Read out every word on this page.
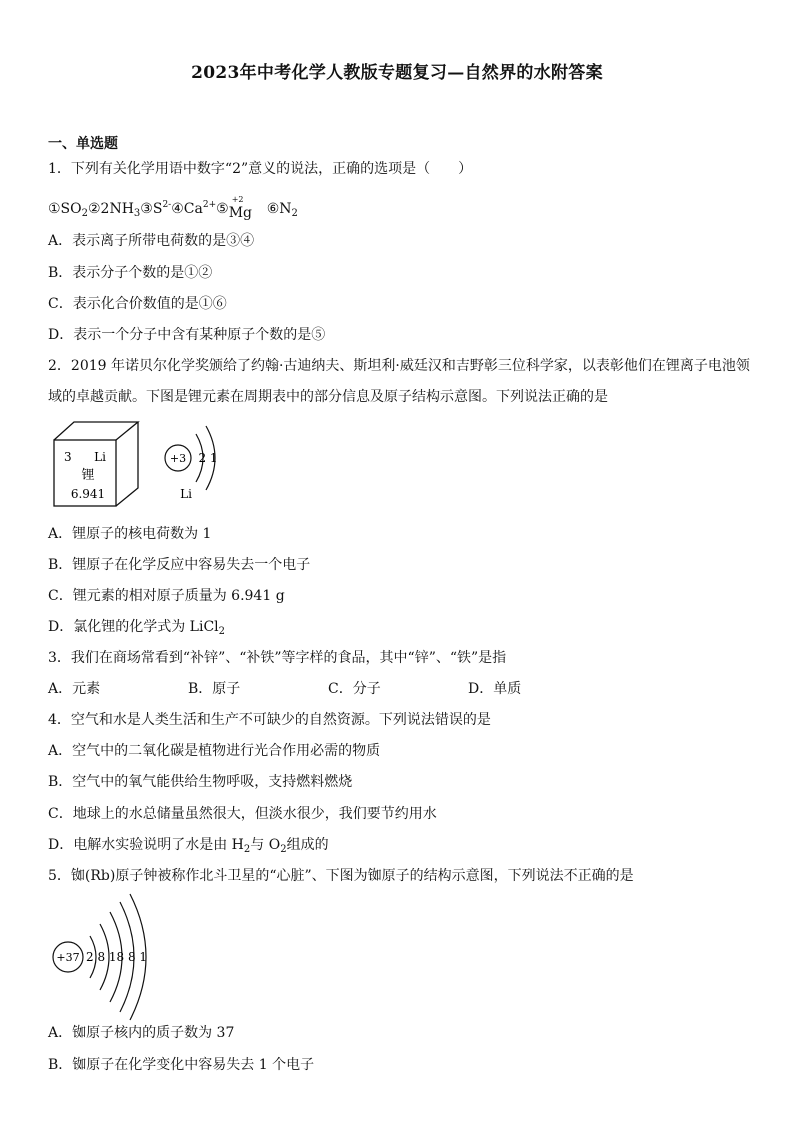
2023年中考化学人教版专题复习—自然界的水附答案
一、单选题
1．下列有关化学用语中数字“2”意义的说法，正确的选项是（　　）
$①SO_2②2NH_3③S^{2-}④Ca^{2+}⑤$
+2
Mg $⑥N_2$
A．表示离子所带电荷数的是③④
B．表示分子个数的是①②
C．表示化合价数值的是①⑥
D．表示一个分子中含有某种原子个数的是⑤
2．2019 年诺贝尔化学奖颁给了约翰·古迪纳夫、斯坦利·威廷汉和吉野彰三位科学家，以表彰他们在锂离子电池领
域的卓越贡献。下图是锂元素在周期表中的部分信息及原子结构示意图。下列说法正确的是
3 Li
锂
6.941
+3 2 1
Li
A．锂原子的核电荷数为 1
B．锂原子在化学反应中容易失去一个电子
C．锂元素的相对原子质量为 6.941 g
D．氯化锂的化学式为 LiCl$_2$
3．我们在商场常看到“补锌”、“补铁”等字样的食品，其中“锌”、“铁”是指
A．元素	B．原子	C．分子	D．单质
4．空气和水是人类生活和生产不可缺少的自然资源。下列说法错误的是
A．空气中的二氧化碳是植物进行光合作用必需的物质
B．空气中的氧气能供给生物呼吸，支持燃料燃烧
C．地球上的水总储量虽然很大，但淡水很少，我们要节约用水
D．电解水实验说明了水是由 $H_2$与 $O_2$组成的
5．铷(Rb)原子钟被称作北斗卫星的“心脏”、下图为铷原子的结构示意图，下列说法不正确的是
+37 2 8 18 8 1
A．铷原子核内的质子数为 37
B．铷原子在化学变化中容易失去 1 个电子
